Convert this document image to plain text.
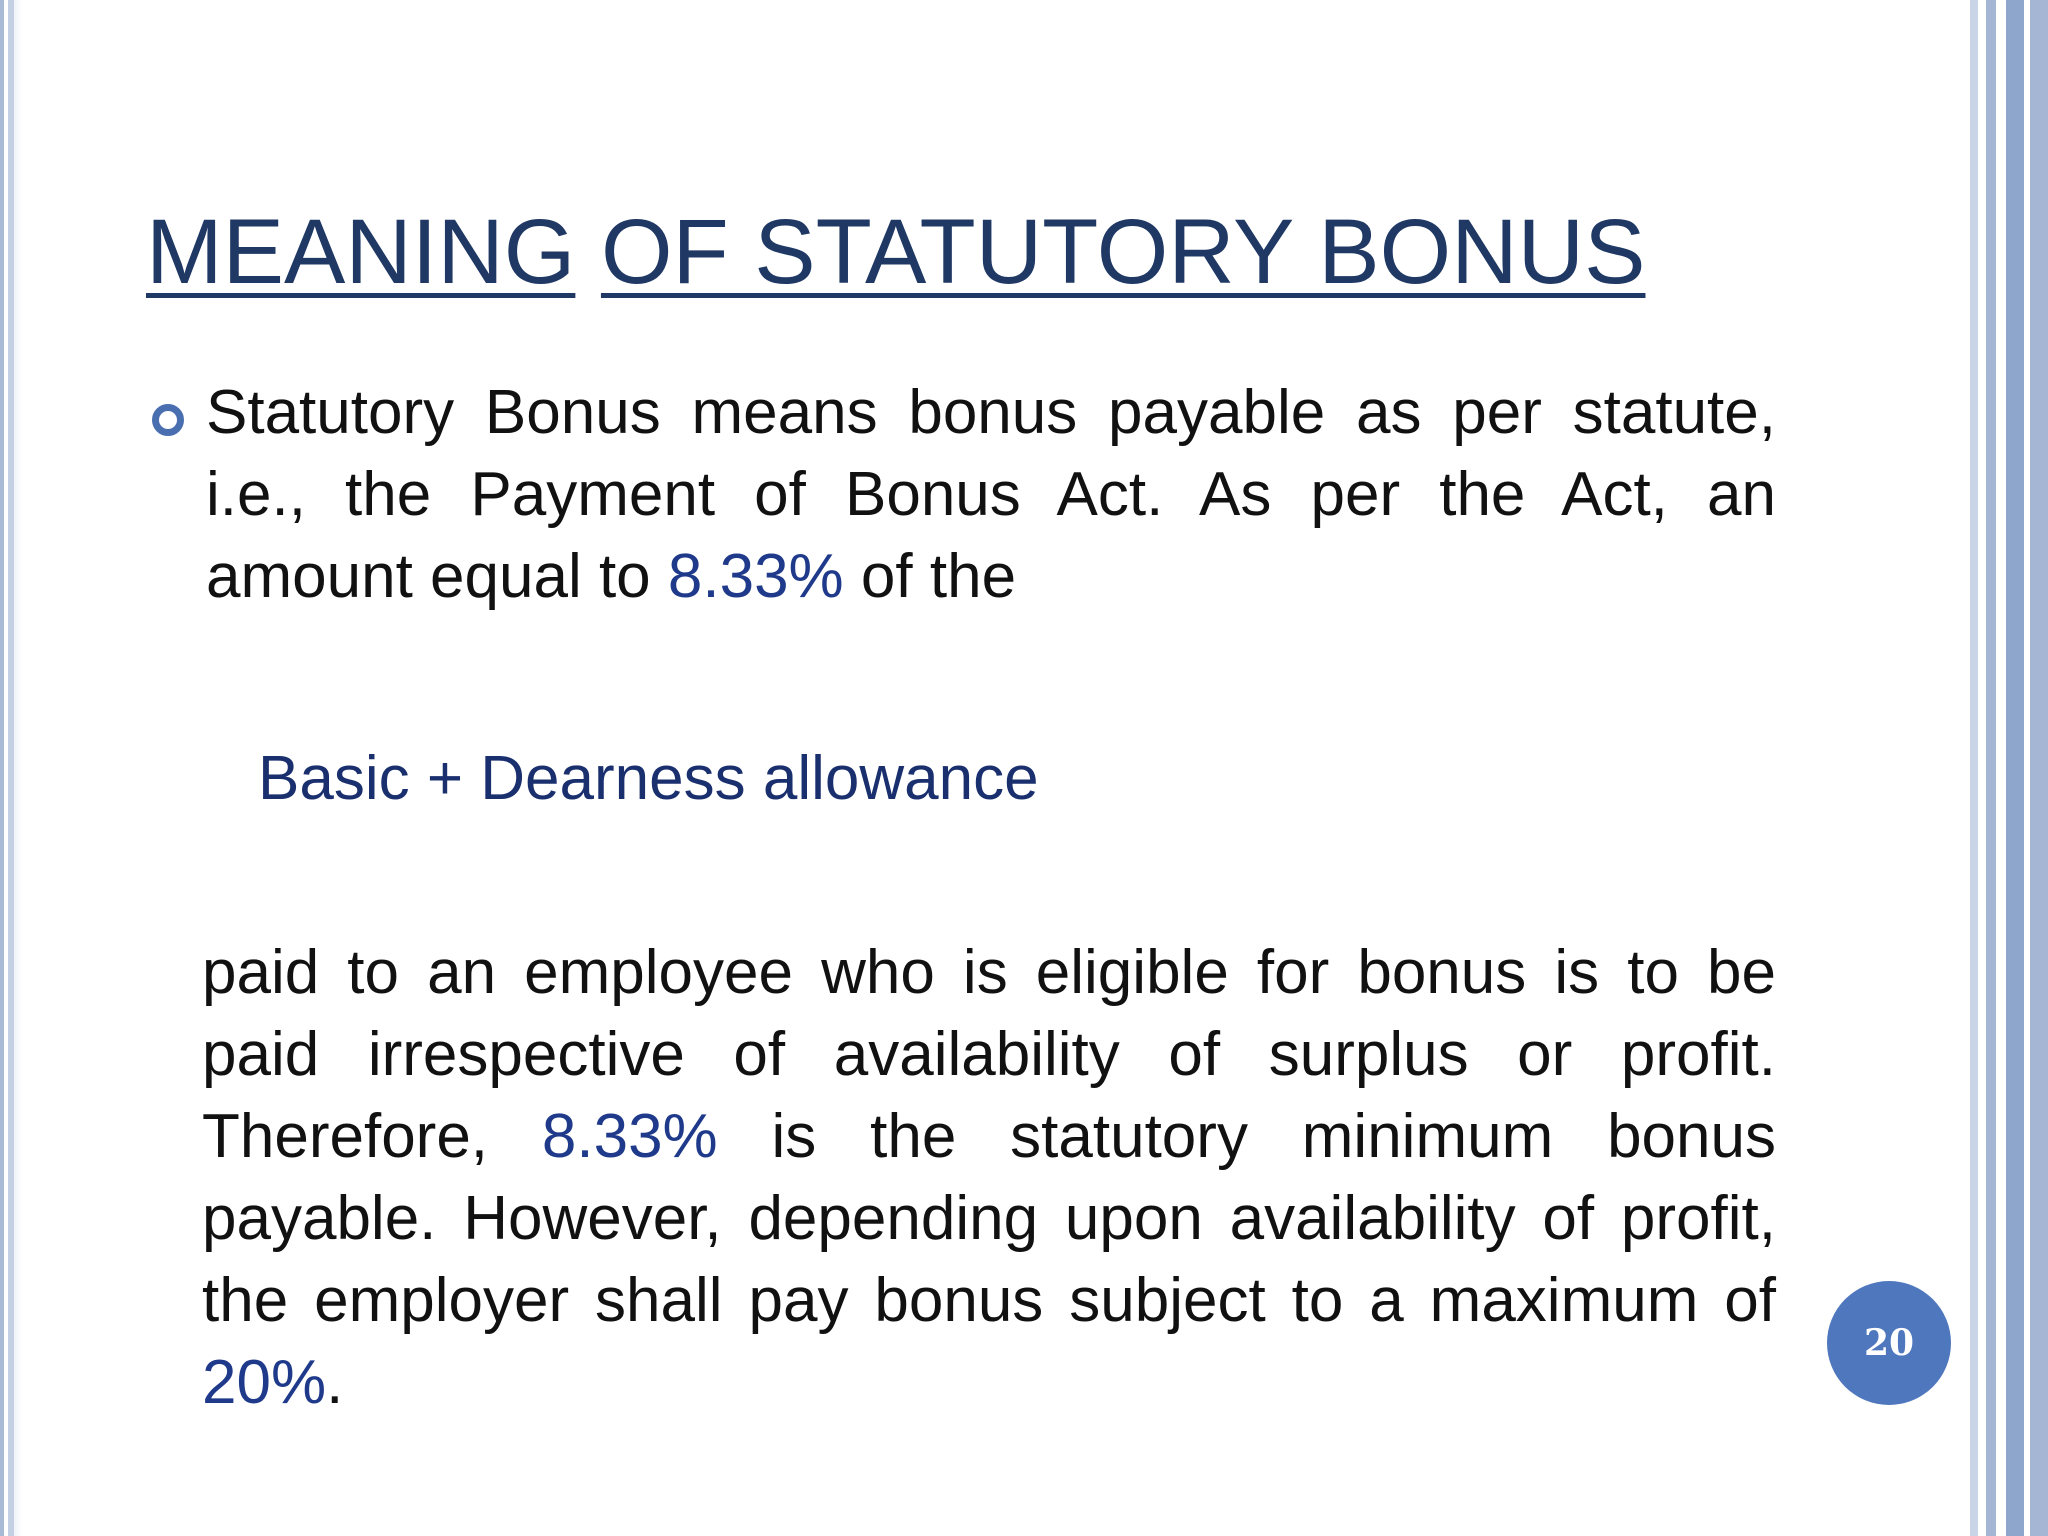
MEANING OF STATUTORY BONUS

Statutory Bonus means bonus payable as per statute, i.e., the Payment of Bonus Act. As per the Act, an amount equal to 8.33% of the

Basic + Dearness allowance

paid to an employee who is eligible for bonus is to be paid irrespective of availability of surplus or profit. Therefore, 8.33% is the statutory minimum bonus payable. However, depending upon availability of profit, the employer shall pay bonus subject to a maximum of 20%.

20
